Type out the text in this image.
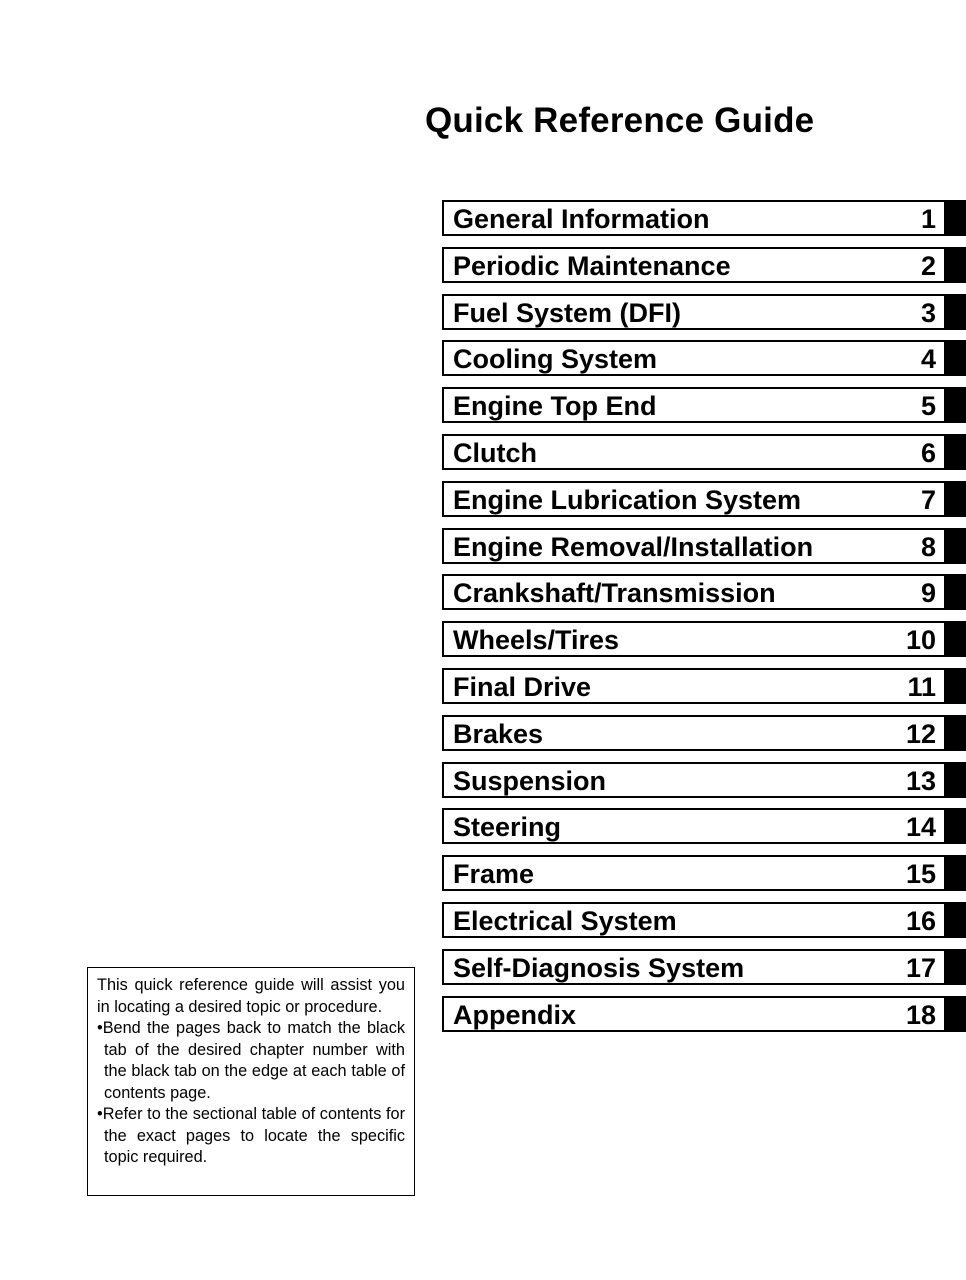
Quick Reference Guide
General Information	1
Periodic Maintenance	2
Fuel System (DFI)	3
Cooling System	4
Engine Top End	5
Clutch	6
Engine Lubrication System	7
Engine Removal/Installation	8
Crankshaft/Transmission	9
Wheels/Tires	10
Final Drive	11
Brakes	12
Suspension	13
Steering	14
Frame	15
Electrical System	16
Self-Diagnosis System	17
Appendix	18

This quick reference guide will assist you in locating a desired topic or procedure.

•Bend the pages back to match the black tab of the desired chapter number with the black tab on the edge at each table of contents page.

•Refer to the sectional table of contents for the exact pages to locate the specific topic required.
